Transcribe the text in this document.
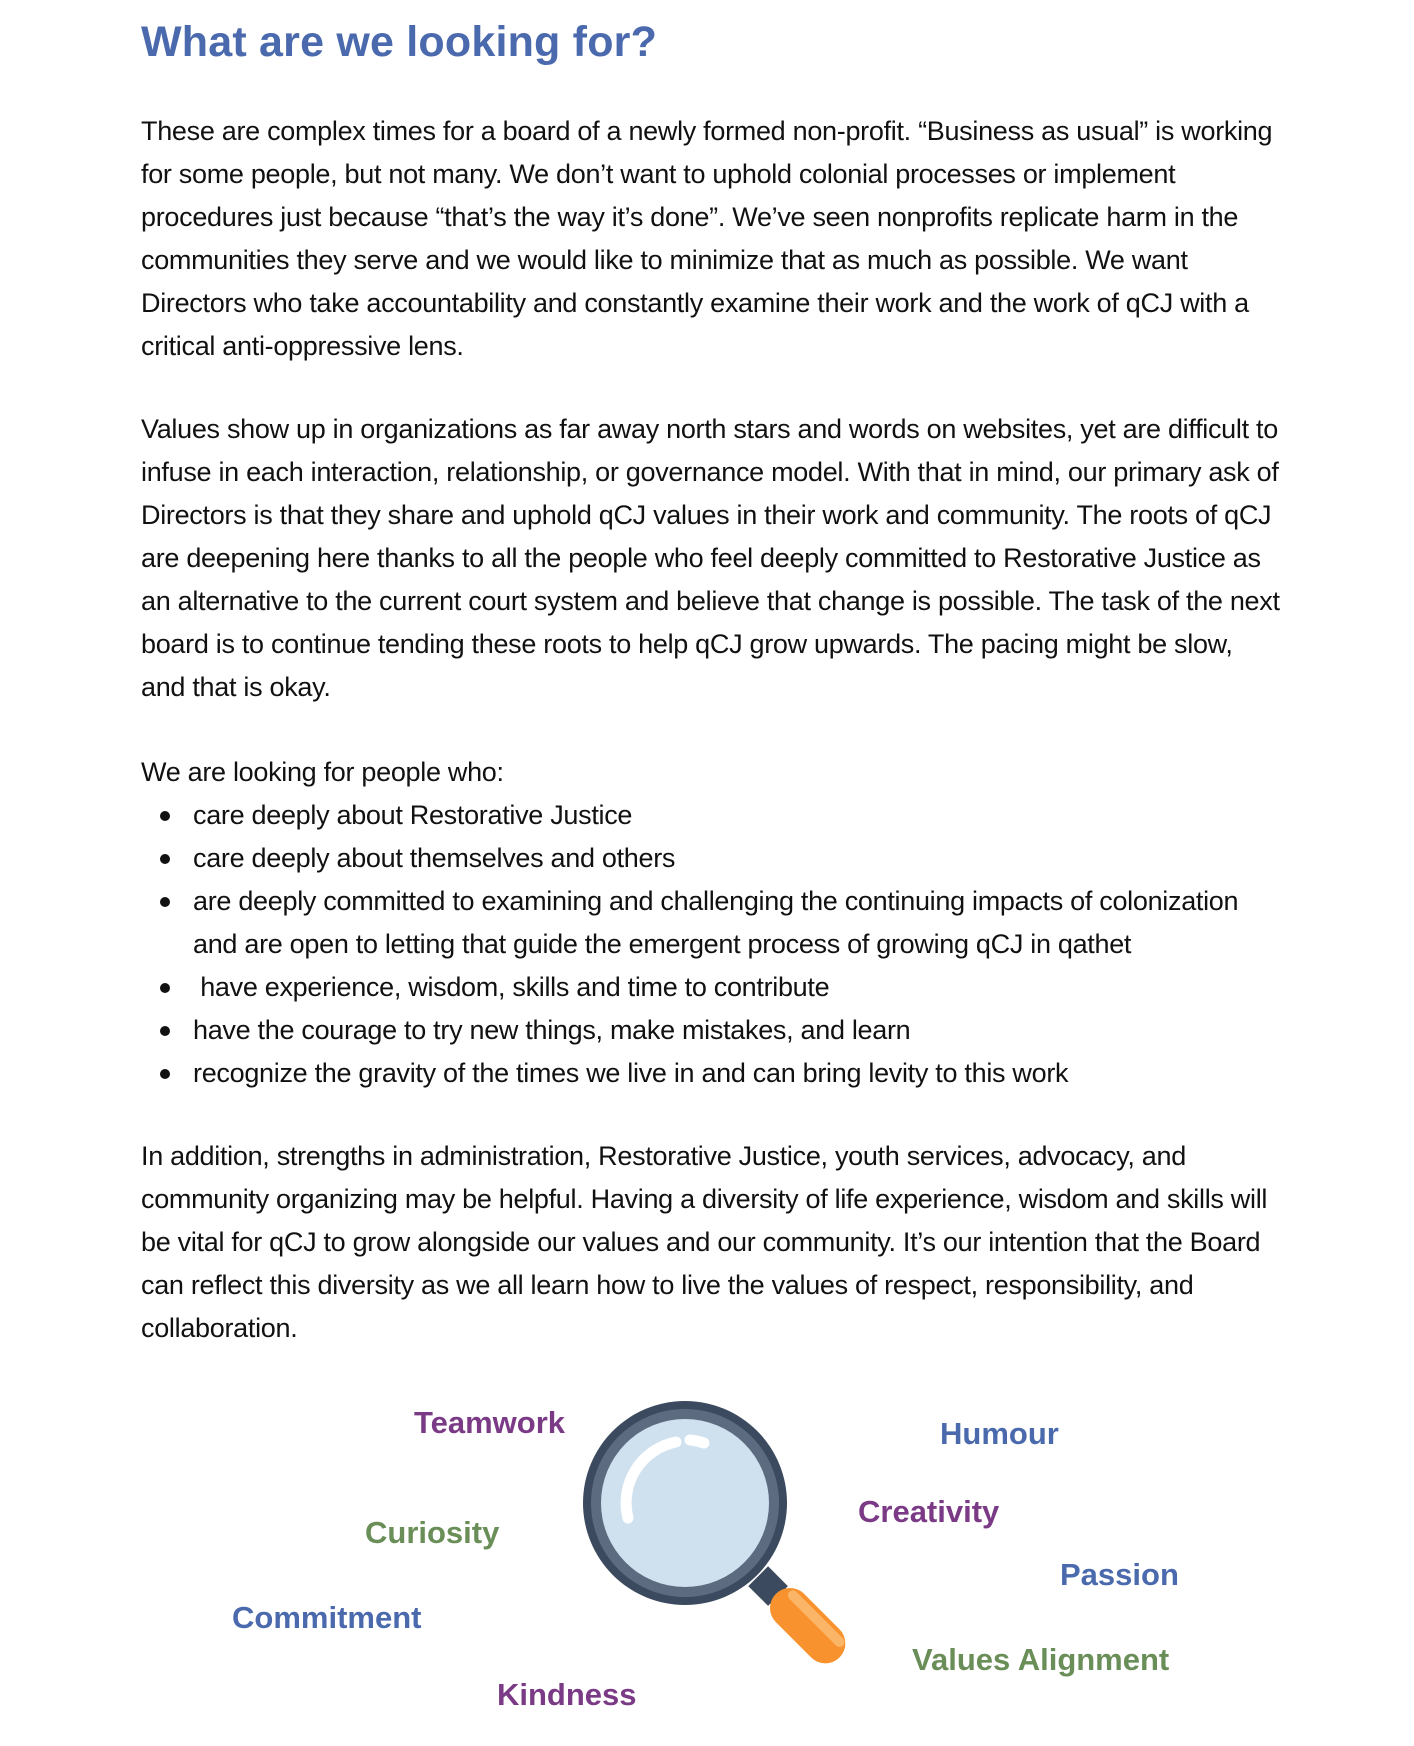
What are we looking for?

These are complex times for a board of a newly formed non-profit. “Business as usual” is working for some people, but not many. We don’t want to uphold colonial processes or implement procedures just because “that’s the way it’s done”. We’ve seen nonprofits replicate harm in the communities they serve and we would like to minimize that as much as possible. We want Directors who take accountability and constantly examine their work and the work of qCJ with a critical anti-oppressive lens.

Values show up in organizations as far away north stars and words on websites, yet are difficult to infuse in each interaction, relationship, or governance model. With that in mind, our primary ask of Directors is that they share and uphold qCJ values in their work and community. The roots of qCJ are deepening here thanks to all the people who feel deeply committed to Restorative Justice as an alternative to the current court system and believe that change is possible. The task of the next board is to continue tending these roots to help qCJ grow upwards. The pacing might be slow, and that is okay.

We are looking for people who:

care deeply about Restorative Justice
care deeply about themselves and others
are deeply committed to examining and challenging the continuing impacts of colonization and are open to letting that guide the emergent process of growing qCJ in qathet
have experience, wisdom, skills and time to contribute
have the courage to try new things, make mistakes, and learn
recognize the gravity of the times we live in and can bring levity to this work

In addition, strengths in administration, Restorative Justice, youth services, advocacy, and community organizing may be helpful. Having a diversity of life experience, wisdom and skills will be vital for qCJ to grow alongside our values and our community. It’s our intention that the Board can reflect this diversity as we all learn how to live the values of respect, responsibility, and collaboration.

Teamwork	Humour
Creativity
Curiosity
Passion
Commitment
Values Alignment
Kindness
